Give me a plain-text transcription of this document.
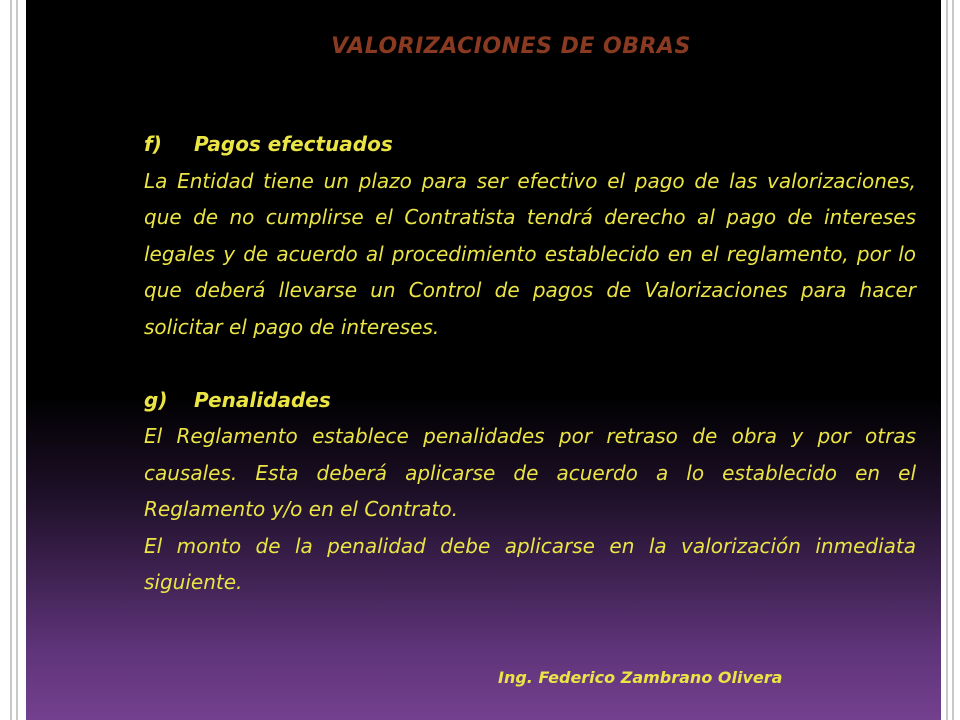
VALORIZACIONES DE OBRAS
f)	Pagos efectuados

La Entidad tiene un plazo para ser efectivo el pago de las valorizaciones, que de no cumplirse el Contratista tendrá derecho al pago de intereses legales y de acuerdo al procedimiento establecido en el reglamento, por lo que deberá llevarse un Control de pagos de Valorizaciones para hacer solicitar el pago de intereses.

g)	Penalidades

El Reglamento establece penalidades por retraso de obra y por otras causales. Esta deberá aplicarse de acuerdo a lo establecido en el Reglamento y/o en el Contrato.

El monto de la penalidad debe aplicarse en la valorización inmediata siguiente.

Ing. Federico Zambrano Olivera
